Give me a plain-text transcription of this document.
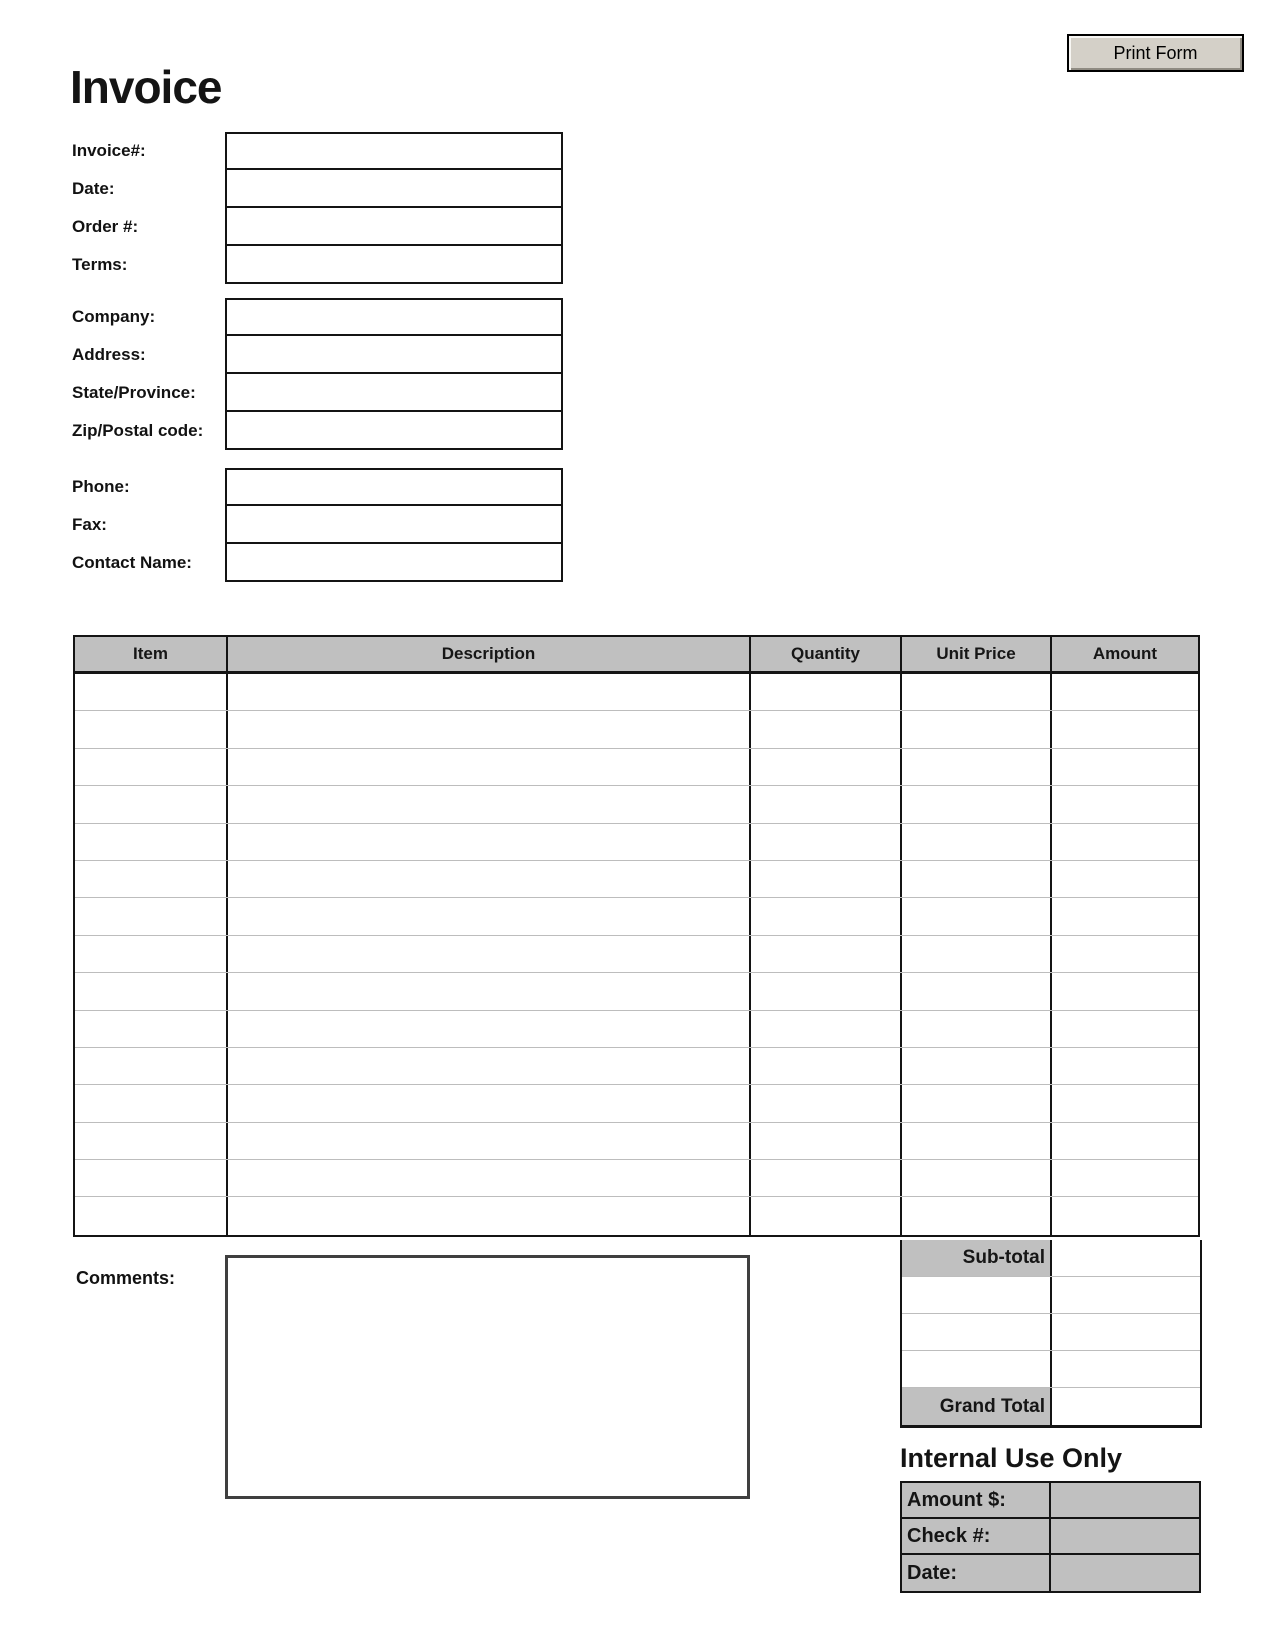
Invoice
Print Form
Invoice#:
Date:
Order #:
Terms:
Company:
Address:
State/Province:
Zip/Postal code:
Phone:
Fax:
Contact Name:
Item	Description	Quantity	Unit Price	Amount
Sub-total
Grand Total
Comments:
Internal Use Only
Amount $:
Check #:
Date:
